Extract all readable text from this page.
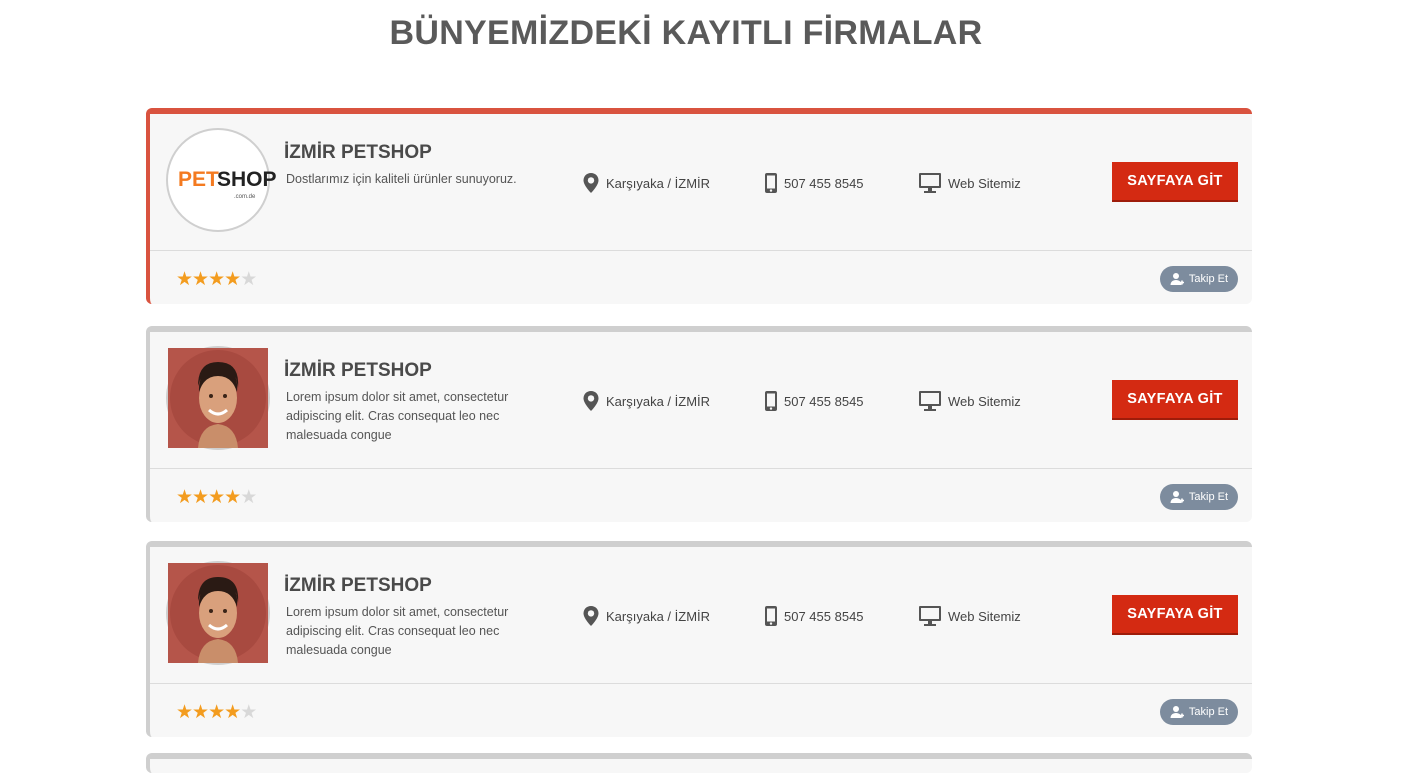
BÜNYEMİZDEKİ KAYITLI FİRMALAR
PET
SHOP
.com.de
İZMİR PETSHOP
Dostlarımız için kaliteli ürünler sunuyoruz.	Karşıyaka / İZMİR	507 455 8545	Web Sitemiz	SAYFAYA GİT
★★★★★	Takip Et
İZMİR PETSHOP
Lorem ipsum dolor sit amet, consectetur adipiscing elit. Cras consequat leo nec malesuada congue
Karşıyaka / İZMİR	507 455 8545	Web Sitemiz	SAYFAYA GİT
★★★★★	Takip Et
İZMİR PETSHOP
Lorem ipsum dolor sit amet, consectetur adipiscing elit. Cras consequat leo nec malesuada congue
Karşıyaka / İZMİR	507 455 8545	Web Sitemiz	SAYFAYA GİT
★★★★★	Takip Et
